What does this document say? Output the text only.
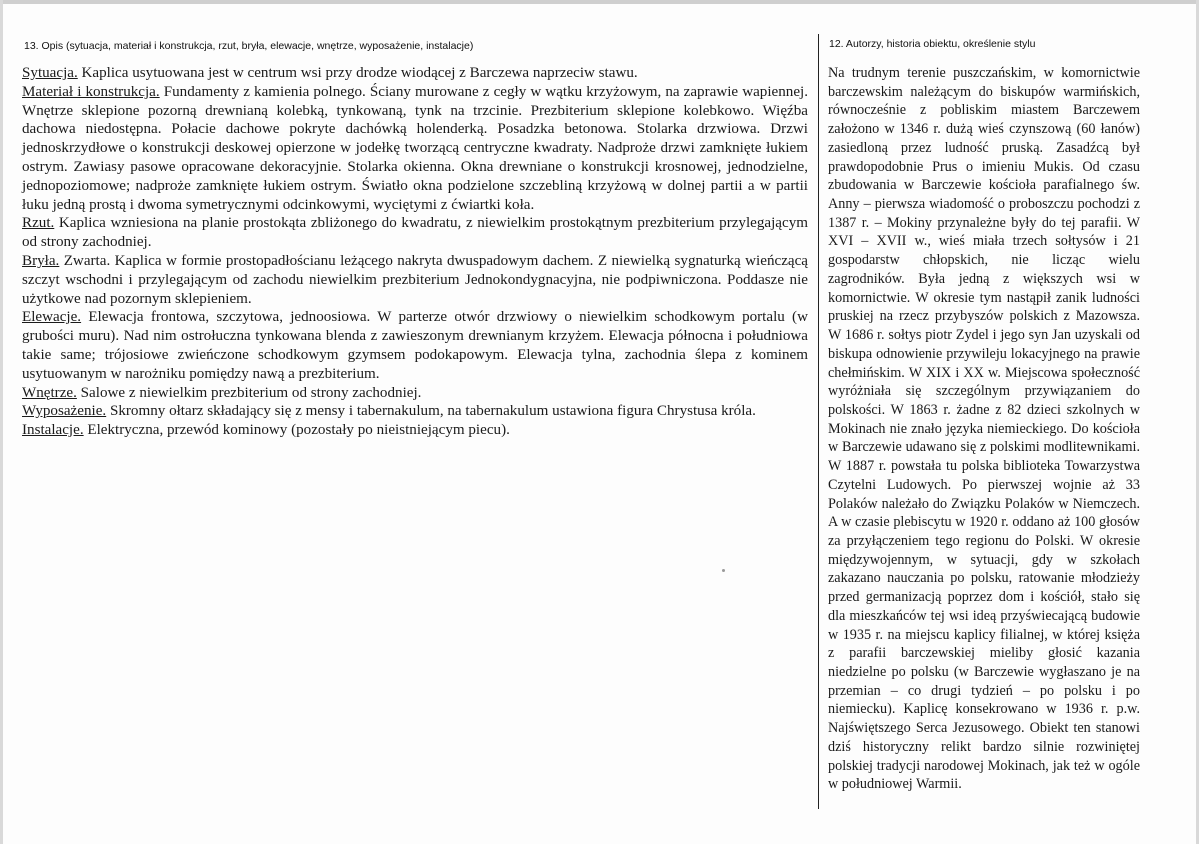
13. Opis (sytuacja, materiał i konstrukcja, rzut, bryła, elewacje, wnętrze, wyposażenie, instalacje)	12. Autorzy, historia obiektu, określenie stylu

Sytuacja. Kaplica usytuowana jest w centrum wsi przy drodze wiodącej z Barczewa naprzeciw stawu.

Materiał i konstrukcja. Fundamenty z kamienia polnego. Ściany murowane z cegły w wątku krzyżowym, na zaprawie wapiennej. Wnętrze sklepione pozorną drewnianą kolebką, tynkowaną, tynk na trzcinie. Prezbiterium sklepione kolebkowo. Więźba dachowa niedostępna. Połacie dachowe pokryte dachówką holenderką. Posadzka betonowa. Stolarka drzwiowa. Drzwi jednoskrzydłowe o konstrukcji deskowej opierzone w jodełkę tworzącą centryczne kwadraty. Nadproże drzwi zamknięte łukiem ostrym. Zawiasy pasowe opracowane dekoracyjnie. Stolarka okienna. Okna drewniane o konstrukcji krosnowej, jednodzielne, jednopoziomowe; nadproże zamknięte łukiem ostrym. Światło okna podzielone szczebliną krzyżową w dolnej partii a w partii łuku jedną prostą i dwoma symetrycznymi odcinkowymi, wyciętymi z ćwiartki koła.

Rzut. Kaplica wzniesiona na planie prostokąta zbliżonego do kwadratu, z niewielkim prostokątnym prezbiterium przylegającym od strony zachodniej.

Bryła. Zwarta. Kaplica w formie prostopadłościanu leżącego nakryta dwuspadowym dachem. Z niewielką sygnaturką wieńczącą szczyt wschodni i przylegającym od zachodu niewielkim prezbiterium Jednokondygnacyjna, nie podpiwniczona. Poddasze nie użytkowe nad pozornym sklepieniem.

Elewacje. Elewacja frontowa, szczytowa, jednoosiowa. W parterze otwór drzwiowy o niewielkim schodkowym portalu (w grubości muru). Nad nim ostrołuczna tynkowana blenda z zawieszonym drewnianym krzyżem. Elewacja północna i południowa takie same; trójosiowe zwieńczone schodkowym gzymsem podokapowym. Elewacja tylna, zachodnia ślepa z kominem usytuowanym w narożniku pomiędzy nawą a prezbiterium.

Wnętrze. Salowe z niewielkim prezbiterium od strony zachodniej.

Wyposażenie. Skromny ołtarz składający się z mensy i tabernakulum, na tabernakulum ustawiona figura Chrystusa króla.

Instalacje. Elektryczna, przewód kominowy (pozostały po nieistniejącym piecu).

Na trudnym terenie puszczańskim, w komornictwie barczewskim należącym do biskupów warmińskich, równocześnie z pobliskim miastem Barczewem założono w 1346 r. dużą wieś czynszową (60 łanów) zasiedloną przez ludność pruską. Zasadźcą był prawdopodobnie Prus o imieniu Mukis. Od czasu zbudowania w Barczewie kościoła parafialnego św. Anny – pierwsza wiadomość o proboszczu pochodzi z 1387 r. – Mokiny przynależne były do tej parafii. W XVI – XVII w., wieś miała trzech sołtysów i 21 gospodarstw chłopskich, nie licząc wielu zagrodników. Była jedną z większych wsi w komornictwie. W okresie tym nastąpił zanik ludności pruskiej na rzecz przybyszów polskich z Mazowsza. W 1686 r. sołtys piotr Zydel i jego syn Jan uzyskali od biskupa odnowienie przywileju lokacyjnego na prawie chełmińskim. W XIX i XX w. Miejscowa społeczność wyróżniała się szczególnym przywiązaniem do polskości. W 1863 r. żadne z 82 dzieci szkolnych w Mokinach nie znało języka niemieckiego. Do kościoła w Barczewie udawano się z polskimi modlitewnikami. W 1887 r. powstała tu polska biblioteka Towarzystwa Czytelni Ludowych. Po pierwszej wojnie aż 33 Polaków należało do Związku Polaków w Niemczech. A w czasie plebiscytu w 1920 r. oddano aż 100 głosów za przyłączeniem tego regionu do Polski. W okresie międzywojennym, w sytuacji, gdy w szkołach zakazano nauczania po polsku, ratowanie młodzieży przed germanizacją poprzez dom i kościół, stało się dla mieszkańców tej wsi ideą przyświecającą budowie w 1935 r. na miejscu kaplicy filialnej, w której księża z parafii barczewskiej mieliby głosić kazania niedzielne po polsku (w Barczewie wygłaszano je na przemian – co drugi tydzień – po polsku i po niemiecku). Kaplicę konsekrowano w 1936 r. p.w. Najświętszego Serca Jezusowego. Obiekt ten stanowi dziś historyczny relikt bardzo silnie rozwiniętej polskiej tradycji narodowej Mokinach, jak też w ogóle w południowej Warmii.
